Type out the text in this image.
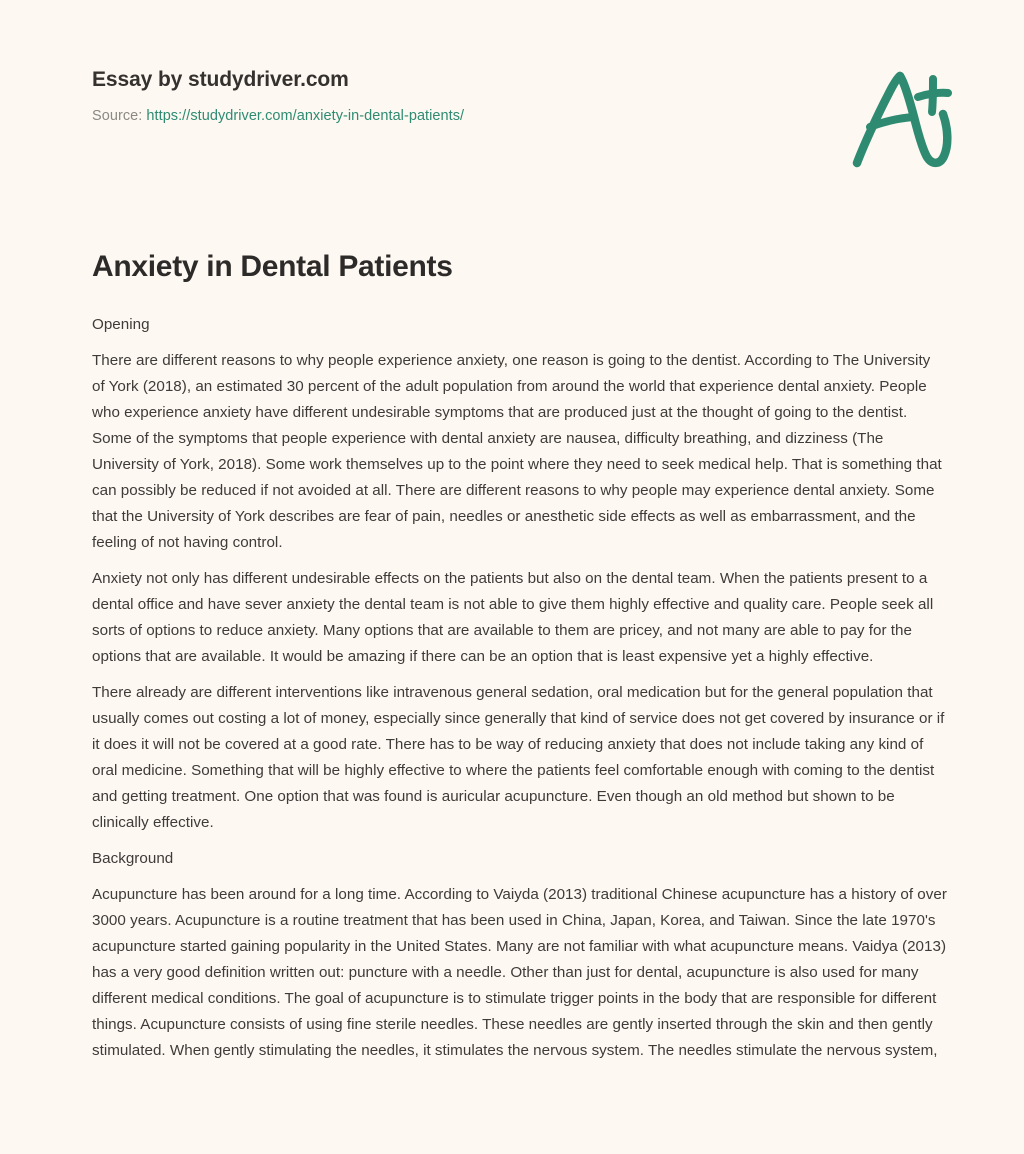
Essay by studydriver.com
Source: https://studydriver.com/anxiety-in-dental-patients/
Anxiety in Dental Patients

Opening

There are different reasons to why people experience anxiety, one reason is going to the dentist. According to The University of York (2018), an estimated 30 percent of the adult population from around the world that experience dental anxiety. People who experience anxiety have different undesirable symptoms that are produced just at the thought of going to the dentist. Some of the symptoms that people experience with dental anxiety are nausea, difficulty breathing, and dizziness (The University of York, 2018). Some work themselves up to the point where they need to seek medical help. That is something that can possibly be reduced if not avoided at all. There are different reasons to why people may experience dental anxiety. Some that the University of York describes are fear of pain, needles or anesthetic side effects as well as embarrassment, and the feeling of not having control.

Anxiety not only has different undesirable effects on the patients but also on the dental team. When the patients present to a dental office and have sever anxiety the dental team is not able to give them highly effective and quality care. People seek all sorts of options to reduce anxiety. Many options that are available to them are pricey, and not many are able to pay for the options that are available. It would be amazing if there can be an option that is least expensive yet a highly effective.

There already are different interventions like intravenous general sedation, oral medication but for the general population that usually comes out costing a lot of money, especially since generally that kind of service does not get covered by insurance or if it does it will not be covered at a good rate. There has to be way of reducing anxiety that does not include taking any kind of oral medicine. Something that will be highly effective to where the patients feel comfortable enough with coming to the dentist and getting treatment. One option that was found is auricular acupuncture. Even though an old method but shown to be clinically effective.

Background

Acupuncture has been around for a long time. According to Vaiyda (2013) traditional Chinese acupuncture has a history of over 3000 years. Acupuncture is a routine treatment that has been used in China, Japan, Korea, and Taiwan. Since the late 1970's acupuncture started gaining popularity in the United States. Many are not familiar with what acupuncture means. Vaidya (2013) has a very good definition written out: puncture with a needle. Other than just for dental, acupuncture is also used for many different medical conditions. The goal of acupuncture is to stimulate trigger points in the body that are responsible for different things. Acupuncture consists of using fine sterile needles. These needles are gently inserted through the skin and then gently stimulated. When gently stimulating the needles, it stimulates the nervous system. The needles stimulate the nervous system,
